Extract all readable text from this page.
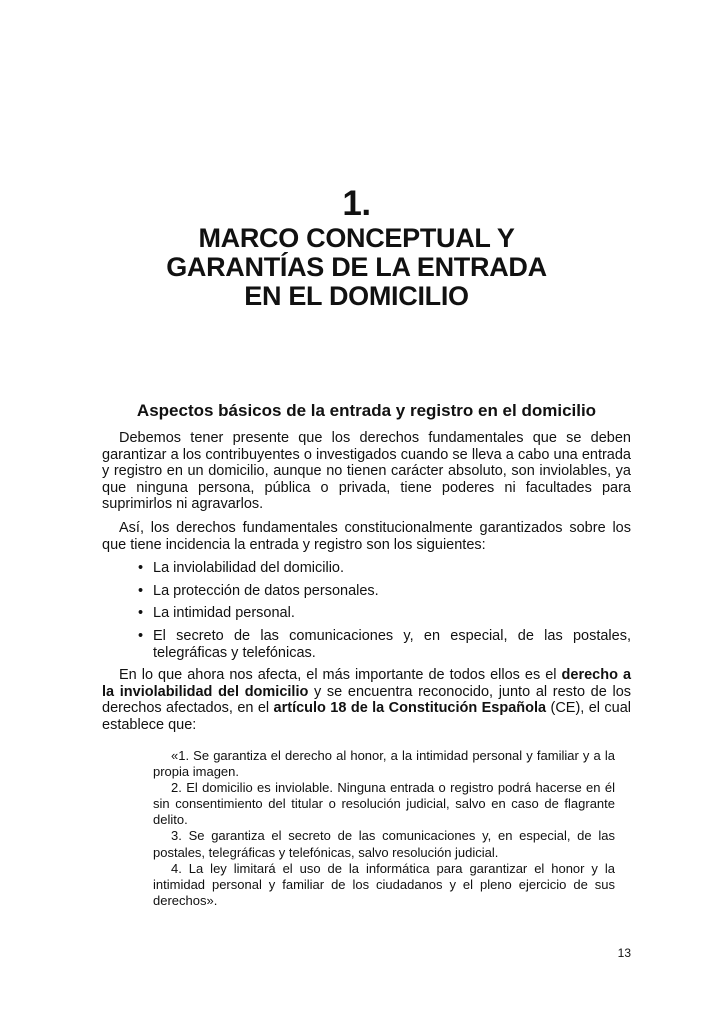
1.
MARCO CONCEPTUAL Y
GARANTÍAS DE LA ENTRADA
EN EL DOMICILIO
Aspectos básicos de la entrada y registro en el domicilio

Debemos tener presente que los derechos fundamentales que se deben garantizar a los contribuyentes o investigados cuando se lleva a cabo una entrada y registro en un domicilio, aunque no tienen carácter absoluto, son inviolables, ya que ninguna persona, pública o privada, tiene poderes ni facultades para suprimirlos ni agravarlos.

Así, los derechos fundamentales constitucionalmente garantizados sobre los que tiene incidencia la entrada y registro son los siguientes:

• La inviolabilidad del domicilio.
• La protección de datos personales.
• La intimidad personal.
• El secreto de las comunicaciones y, en especial, de las postales, telegráficas y telefónicas.

En lo que ahora nos afecta, el más importante de todos ellos es el derecho a la inviolabilidad del domicilio y se encuentra reconocido, junto al resto de los derechos afectados, en el artículo 18 de la Constitución Española (CE), el cual establece que:

«1. Se garantiza el derecho al honor, a la intimidad personal y familiar y a la propia imagen.

2. El domicilio es inviolable. Ninguna entrada o registro podrá hacerse en él sin consentimiento del titular o resolución judicial, salvo en caso de flagrante delito.

3. Se garantiza el secreto de las comunicaciones y, en especial, de las postales, telegráficas y telefónicas, salvo resolución judicial.

4. La ley limitará el uso de la informática para garantizar el honor y la intimidad personal y familiar de los ciudadanos y el pleno ejercicio de sus derechos».

13
